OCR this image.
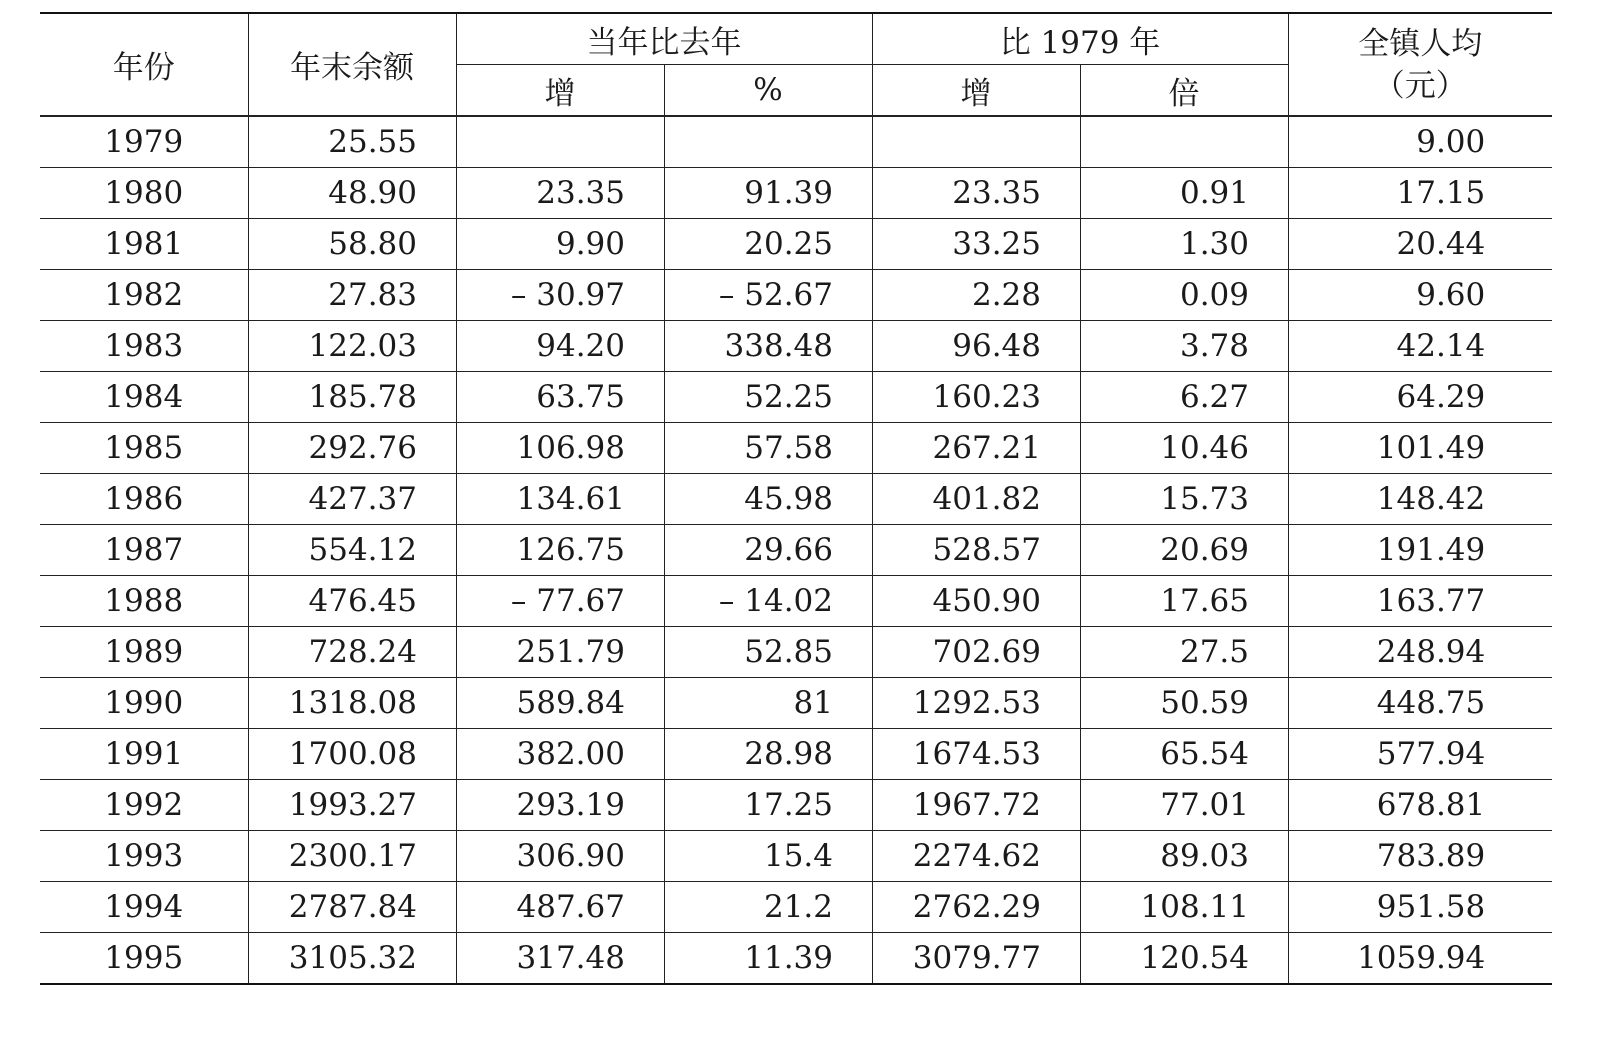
年份	年末余额	当年比去年		比 1979 年		全镇人均
（元）

		增	%	增	倍	
1979	25.55					9.00
1980	48.90	23.35	91.39	23.35	0.91	17.15
1981	58.80	9.90	20.25	33.25	1.30	20.44
1982	27.83	– 30.97	– 52.67	2.28	0.09	9.60
1983	122.03	94.20	338.48	96.48	3.78	42.14
1984	185.78	63.75	52.25	160.23	6.27	64.29
1985	292.76	106.98	57.58	267.21	10.46	101.49
1986	427.37	134.61	45.98	401.82	15.73	148.42
1987	554.12	126.75	29.66	528.57	20.69	191.49
1988	476.45	– 77.67	– 14.02	450.90	17.65	163.77
1989	728.24	251.79	52.85	702.69	27.5	248.94
1990	1318.08	589.84	81	1292.53	50.59	448.75
1991	1700.08	382.00	28.98	1674.53	65.54	577.94
1992	1993.27	293.19	17.25	1967.72	77.01	678.81
1993	2300.17	306.90	15.4	2274.62	89.03	783.89
1994	2787.84	487.67	21.2	2762.29	108.11	951.58
1995	3105.32	317.48	11.39	3079.77	120.54	1059.94
